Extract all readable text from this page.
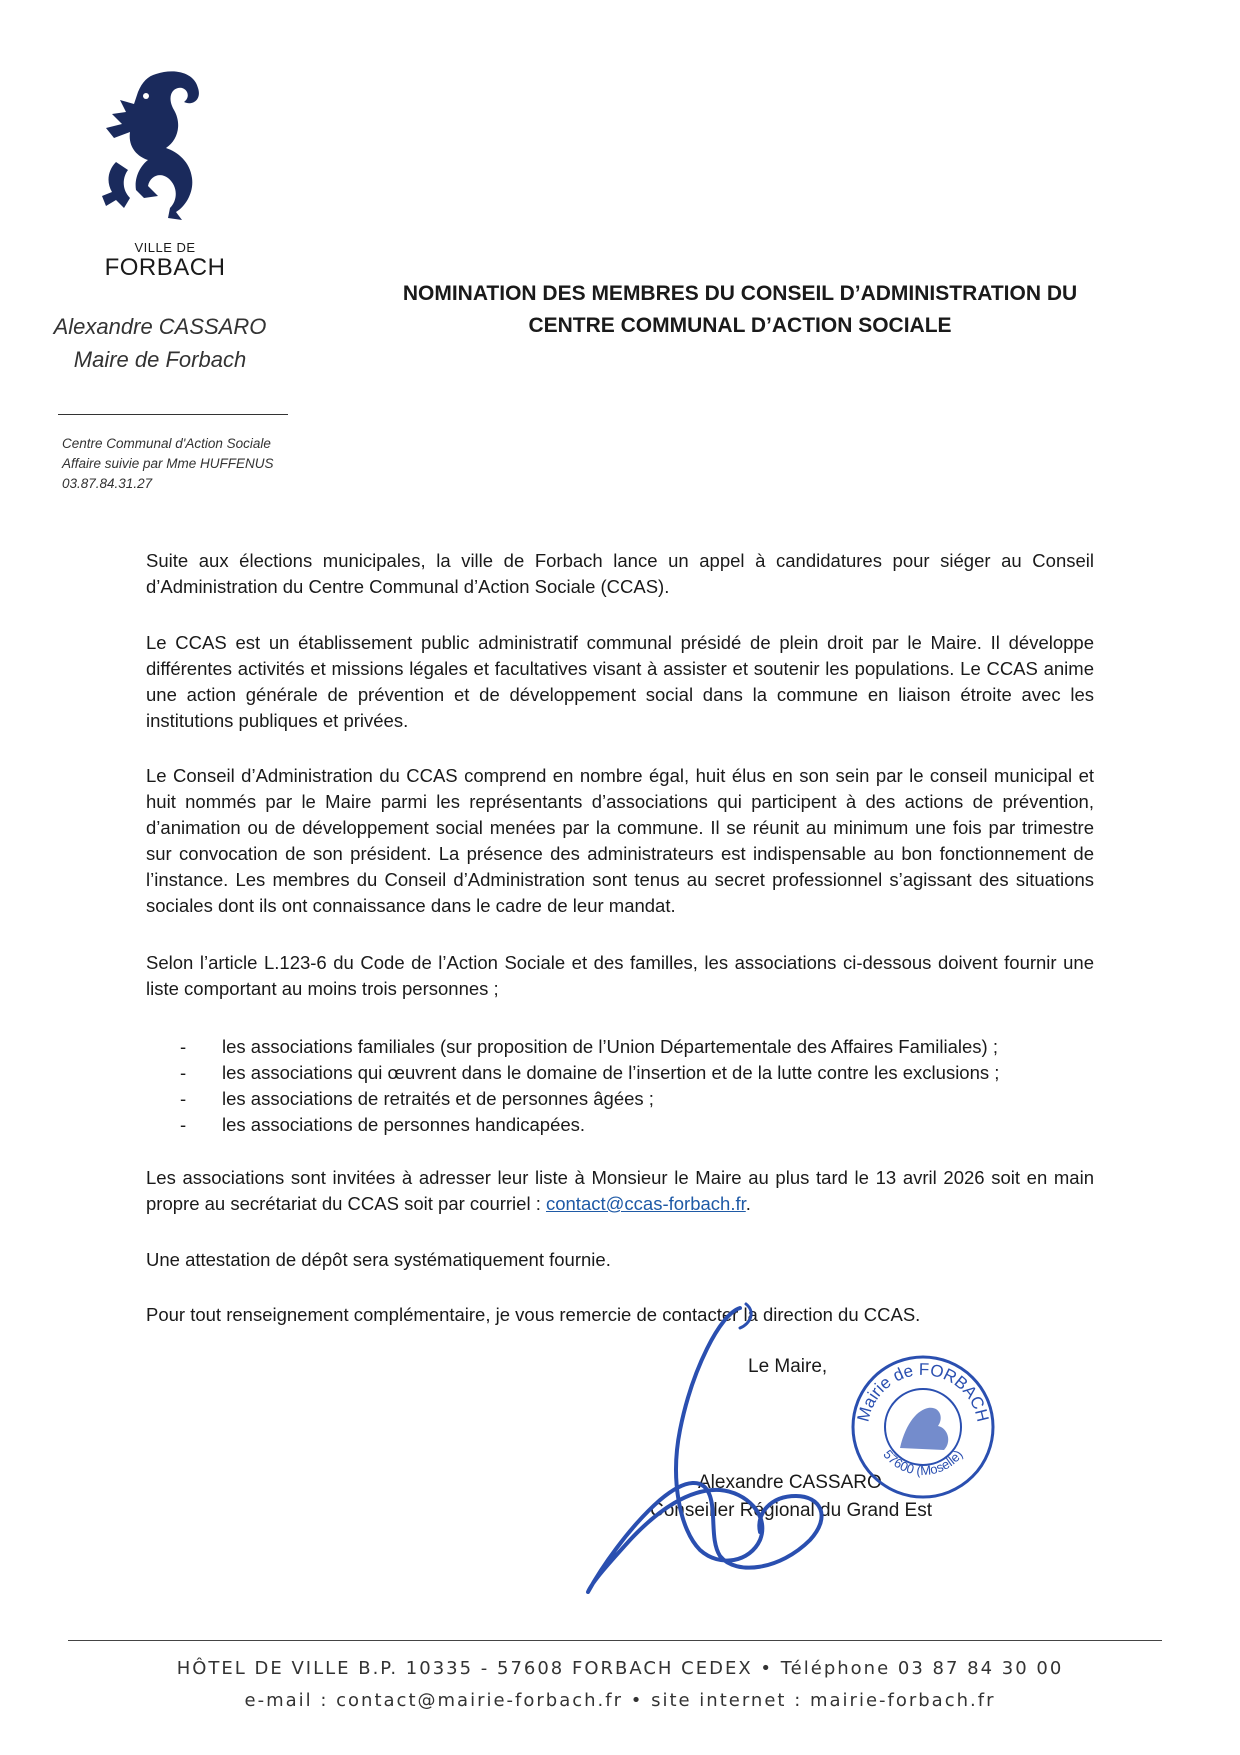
VILLE DE
FORBACH
Alexandre CASSARO
Maire de Forbach
Centre Communal d'Action Sociale
Affaire suivie par Mme HUFFENUS
03.87.84.31.27
NOMINATION DES MEMBRES DU CONSEIL D’ADMINISTRATION DU
CENTRE COMMUNAL D’ACTION SOCIALE
Suite aux élections municipales, la ville de Forbach lance un appel à candidatures pour siéger au Conseil d’Administration du Centre Communal d’Action Sociale (CCAS).
Le CCAS est un établissement public administratif communal présidé de plein droit par le Maire. Il développe différentes activités et missions légales et facultatives visant à assister et soutenir les populations. Le CCAS anime une action générale de prévention et de développement social dans la commune en liaison étroite avec les institutions publiques et privées.
Le Conseil d’Administration du CCAS comprend en nombre égal, huit élus en son sein par le conseil municipal et huit nommés par le Maire parmi les représentants d’associations qui participent à des actions de prévention, d’animation ou de développement social menées par la commune. Il se réunit au minimum une fois par trimestre sur convocation de son président. La présence des administrateurs est indispensable au bon fonctionnement de l’instance. Les membres du Conseil d’Administration sont tenus au secret professionnel s’agissant des situations sociales dont ils ont connaissance dans le cadre de leur mandat.
Selon l’article L.123-6 du Code de l’Action Sociale et des familles, les associations ci-dessous doivent fournir une liste comportant au moins trois personnes ;
- les associations familiales (sur proposition de l’Union Départementale des Affaires Familiales) ;
- les associations qui œuvrent dans le domaine de l’insertion et de la lutte contre les exclusions ;
- les associations de retraités et de personnes âgées ;
- les associations de personnes handicapées.
Les associations sont invitées à adresser leur liste à Monsieur le Maire au plus tard le 13 avril 2026 soit en main propre au secrétariat du CCAS soit par courriel : contact@ccas-forbach.fr.
Une attestation de dépôt sera systématiquement fournie.
Pour tout renseignement complémentaire, je vous remercie de contacter la direction du CCAS.
Le Maire,
Alexandre CASSARO
Conseiller Régional du Grand Est
Mairie de FORBACH
57600 (Moselle)
HÔTEL DE VILLE B.P. 10335 - 57608 FORBACH CEDEX • Téléphone 03 87 84 30 00
e-mail : contact@mairie-forbach.fr • site internet : mairie-forbach.fr
